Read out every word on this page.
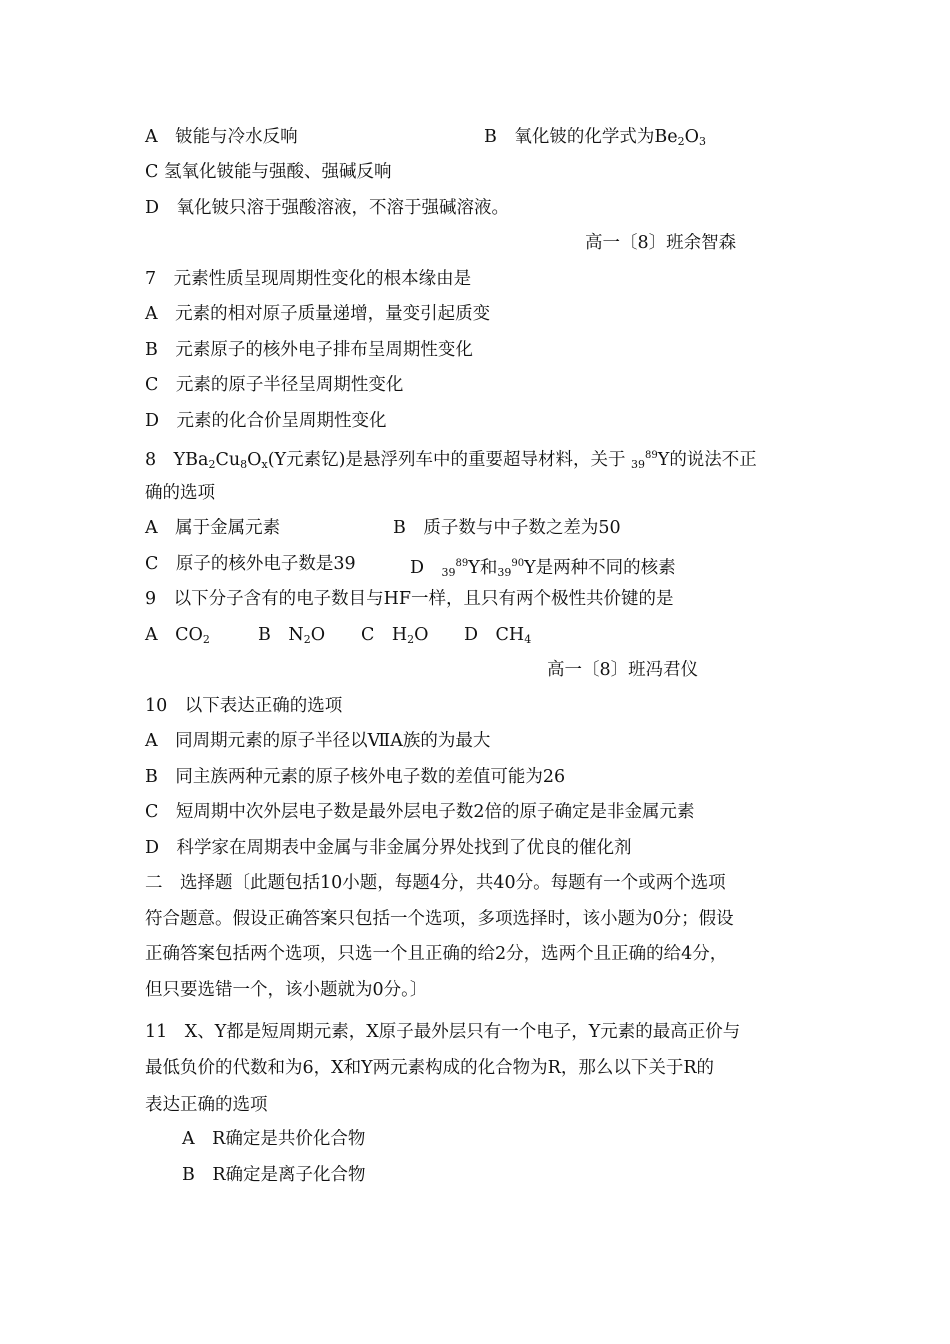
A　铍能与冷水反响	B　氧化铍的化学式为$Be_2O_3$
C 氢氧化铍能与强酸、强碱反响
D　氧化铍只溶于强酸溶液，不溶于强碱溶液。
高一〔8〕班余智森
7　元素性质呈现周期性变化的根本缘由是
A　元素的相对原子质量递增，量变引起质变
B　元素原子的核外电子排布呈周期性变化
C　元素的原子半径呈周期性变化
D　元素的化合价呈周期性变化
8　$YBa_2Cu_8O_x(Y$元素钇)是悬浮列车中的重要超导材料，关于 $_{39}^{89}$Y的说法不正
确的选项
A　属于金属元素	B　质子数与中子数之差为50
C　原子的核外电子数是39	D　$_{39}^{89}$Y和$_{39}^{90}$Y是两种不同的核素
9　以下分子含有的电子数目与HF一样，且只有两个极性共价键的是
A　$CO_2$	B　$N_2O$ C　$H_2O$ D　$CH_4$
高一〔8〕班冯君仪
10　以下表达正确的选项
A　同周期元素的原子半径以ⅦA族的为最大
B　同主族两种元素的原子核外电子数的差值可能为26
C　短周期中次外层电子数是最外层电子数2倍的原子确定是非金属元素
D　科学家在周期表中金属与非金属分界处找到了优良的催化剂
二　选择题〔此题包括10小题，每题4分，共40分。每题有一个或两个选项
符合题意。假设正确答案只包括一个选项，多项选择时，该小题为0分；假设
正确答案包括两个选项，只选一个且正确的给2分，选两个且正确的给4分，
但只要选错一个，该小题就为0分。〕
11　X、Y都是短周期元素，X原子最外层只有一个电子，Y元素的最高正价与
最低负价的代数和为6，X和Y两元素构成的化合物为R，那么以下关于R的
表达正确的选项
A　R确定是共价化合物
B　R确定是离子化合物
